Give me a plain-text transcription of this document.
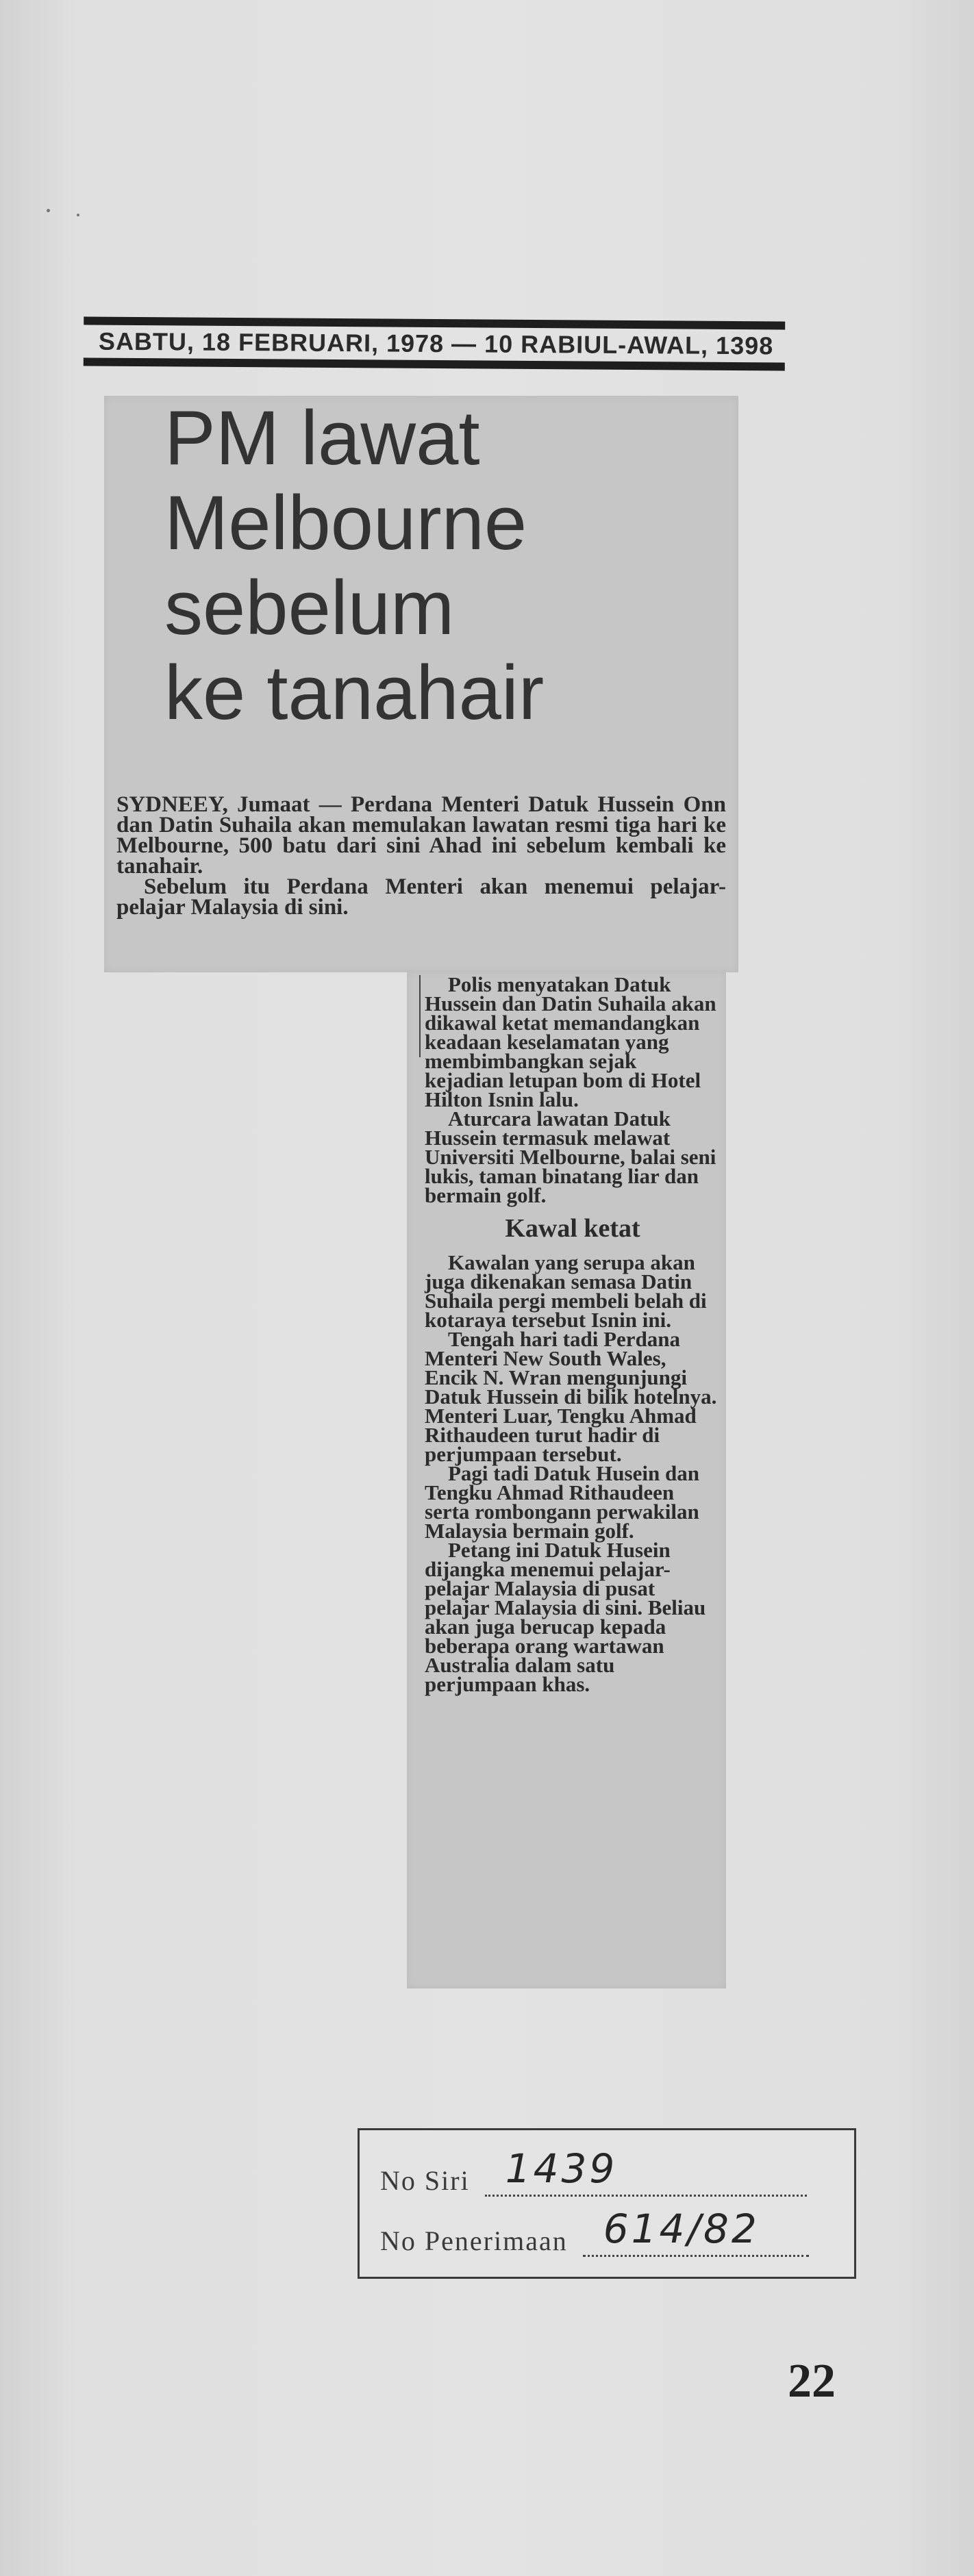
SABTU, 18 FEBRUARI, 1978 — 10 RABIUL-AWAL, 1398
PM lawat
Melbourne
sebelum
ke tanahair

SYDNEEY, Jumaat — Perdana Menteri Datuk Hussein Onn dan Datin Suhaila akan memulakan lawatan resmi tiga hari ke Melbourne, 500 batu dari sini Ahad ini sebelum kembali ke tanahair.

Sebelum itu Perdana Menteri akan menemui pelajar-pelajar Malaysia di sini.

Polis menyatakan Datuk Hussein dan Datin Suhaila akan dikawal ketat memandangkan keadaan keselamatan yang membimbangkan sejak kejadian letupan bom di Hotel Hilton Isnin lalu.

Aturcara lawatan Datuk Hussein termasuk melawat Universiti Melbourne, balai seni lukis, taman binatang liar dan bermain golf.

Kawal ketat

Kawalan yang serupa akan juga dikenakan semasa Datin Suhaila pergi membeli belah di kotaraya tersebut Isnin ini.

Tengah hari tadi Perdana Menteri New South Wales, Encik N. Wran mengunjungi Datuk Hussein di bilik hotelnya. Menteri Luar, Tengku Ahmad Rithaudeen turut hadir di perjumpaan tersebut.

Pagi tadi Datuk Husein dan Tengku Ahmad Rithaudeen serta rombongann perwakilan Malaysia bermain golf.

Petang ini Datuk Husein dijangka menemui pelajar-pelajar Malaysia di pusat pelajar Malaysia di sini. Beliau akan juga berucap kepada beberapa orang wartawan Australia dalam satu perjumpaan khas.

No Siri 1439
No Penerimaan 614/82
22
